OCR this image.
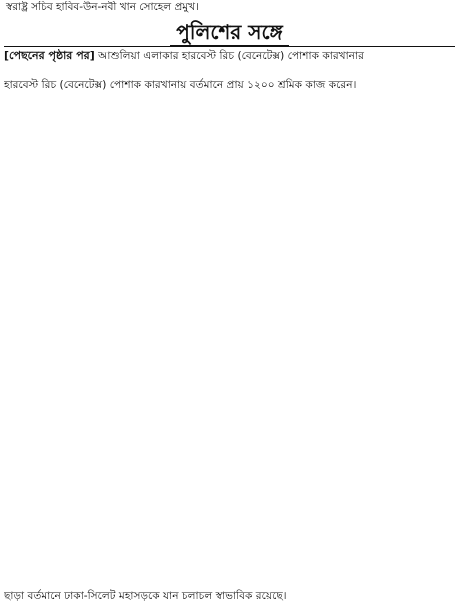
স্বরাষ্ট্র সচিব হাবিব-উন-নবী খান সোহেল প্রমুখ।
পুলিশের সঙ্গে
[পেছনের পৃষ্ঠার পর] আশুলিয়া এলাকার হারবেস্ট রিচ (বেনেটেক্স) পোশাক কারখানার
হারবেস্ট রিচ (বেনেটেক্স) পোশাক কারখানায় বর্তমানে প্রায় ১২০০ শ্রমিক কাজ করেন।
ছাড়া বর্তমানে ঢাকা-সিলেট মহাসড়কে যান চলাচল স্বাভাবিক রয়েছে।
